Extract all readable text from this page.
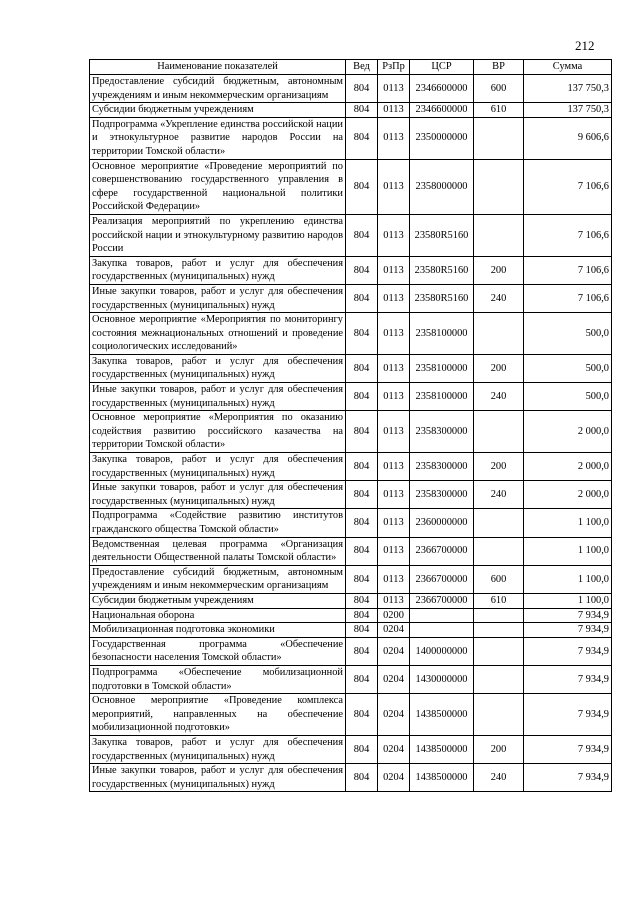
212
Наименование показателей	Вед	РзПр	ЦСР	ВР	Сумма
Предоставление субсидий бюджетным, автономным учреждениям и иным некоммерческим организациям	804	0113	2346600000	600	137 750,3
Субсидии бюджетным учреждениям	804	0113	2346600000	610	137 750,3
Подпрограмма «Укрепление единства российской нации и этнокультурное развитие народов России на территории Томской области»	804	0113	2350000000		9 606,6
Основное мероприятие «Проведение мероприятий по совершенствованию государственного управления в сфере государственной национальной политики Российской Федерации»	804	0113	2358000000		7 106,6
Реализация мероприятий по укреплению единства российской нации и этнокультурному развитию народов России	804	0113	23580R5160		7 106,6
Закупка товаров, работ и услуг для обеспечения государственных (муниципальных) нужд	804	0113	23580R5160	200	7 106,6
Иные закупки товаров, работ и услуг для обеспечения государственных (муниципальных) нужд	804	0113	23580R5160	240	7 106,6
Основное мероприятие «Мероприятия по мониторингу состояния межнациональных отношений и проведение социологических исследований»	804	0113	2358100000		500,0
Закупка товаров, работ и услуг для обеспечения государственных (муниципальных) нужд	804	0113	2358100000	200	500,0
Иные закупки товаров, работ и услуг для обеспечения государственных (муниципальных) нужд	804	0113	2358100000	240	500,0
Основное мероприятие «Мероприятия по оказанию содействия развитию российского казачества на территории Томской области»	804	0113	2358300000		2 000,0
Закупка товаров, работ и услуг для обеспечения государственных (муниципальных) нужд	804	0113	2358300000	200	2 000,0
Иные закупки товаров, работ и услуг для обеспечения государственных (муниципальных) нужд	804	0113	2358300000	240	2 000,0
Подпрограмма «Содействие развитию институтов гражданского общества Томской области»	804	0113	2360000000		1 100,0
Ведомственная целевая программа «Организация деятельности Общественной палаты Томской области»	804	0113	2366700000		1 100,0
Предоставление субсидий бюджетным, автономным учреждениям и иным некоммерческим организациям	804	0113	2366700000	600	1 100,0
Субсидии бюджетным учреждениям	804	0113	2366700000	610	1 100,0
Национальная оборона	804	0200			7 934,9
Мобилизационная подготовка экономики	804	0204			7 934,9
Государственная программа «Обеспечение безопасности населения Томской области»	804	0204	1400000000		7 934,9
Подпрограмма «Обеспечение мобилизационной подготовки в Томской области»	804	0204	1430000000		7 934,9
Основное мероприятие «Проведение комплекса мероприятий, направленных на обеспечение мобилизационной подготовки»	804	0204	1438500000		7 934,9
Закупка товаров, работ и услуг для обеспечения государственных (муниципальных) нужд	804	0204	1438500000	200	7 934,9
Иные закупки товаров, работ и услуг для обеспечения государственных (муниципальных) нужд	804	0204	1438500000	240	7 934,9
